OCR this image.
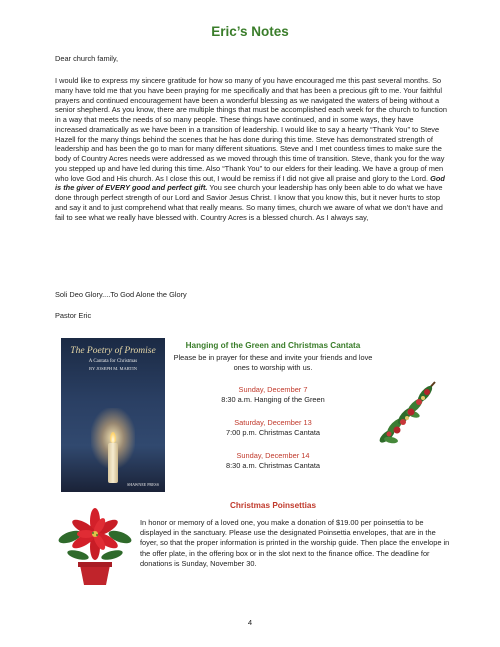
Eric’s Notes
Dear church family,
I would like to express my sincere gratitude for how so many of you have encouraged me this past several months. So many have told me that you have been praying for me specifically and that has been a precious gift to me. Your faithful prayers and continued encouragement have been a wonderful blessing as we navigated the waters of being without a senior shepherd. As you know, there are multiple things that must be accomplished each week for the church to function in a way that meets the needs of so many people. These things have continued, and in some ways, they have increased dramatically as we have been in a transition of leadership. I would like to say a hearty “Thank You” to Steve Hazell for the many things behind the scenes that he has done during this time. Steve has demonstrated strength of leadership and has been the go to man for many different situations. Steve and I met countless times to make sure the body of Country Acres needs were addressed as we moved through this time of transition. Steve, thank you for the way you stepped up and have led during this time. Also “Thank You” to our elders for their leading. We have a group of men who love God and His church. As I close this out, I would be remiss if I did not give all praise and glory to the Lord. God is the giver of EVERY good and perfect gift. You see church your leadership has only been able to do what we have done through perfect strength of our Lord and Savior Jesus Christ. I know that you know this, but it never hurts to stop and say it and to just comprehend what that really means. So many times, church we aware of what we don’t have and fail to see what we really have blessed with. Country Acres is a blessed church. As I always say,
Soli Deo Glory....To God Alone the Glory
Pastor Eric
The Poetry of Promise
A Cantata for Christmas
BY JOSEPH M. MARTIN
SHAWNEE PRESS
Hanging of the Green and Christmas Cantata
Please be in prayer for these and invite your friends and love ones to worship with us.
Sunday, December 7
8:30 a.m. Hanging of the Green
Saturday, December 13
7:00 p.m. Christmas Cantata
Sunday, December 14
8:30 a.m. Christmas Cantata
Christmas Poinsettias
In honor or memory of a loved one, you make a donation of $19.00 per poinsettia to be displayed in the sanctuary. Please use the designated Poinsettia envelopes, that are in the foyer, so that the proper information is printed in the worship guide. Then place the envelope in the offer plate, in the offering box or in the slot next to the finance office. The deadline for donations is Sunday, November 30.
4
